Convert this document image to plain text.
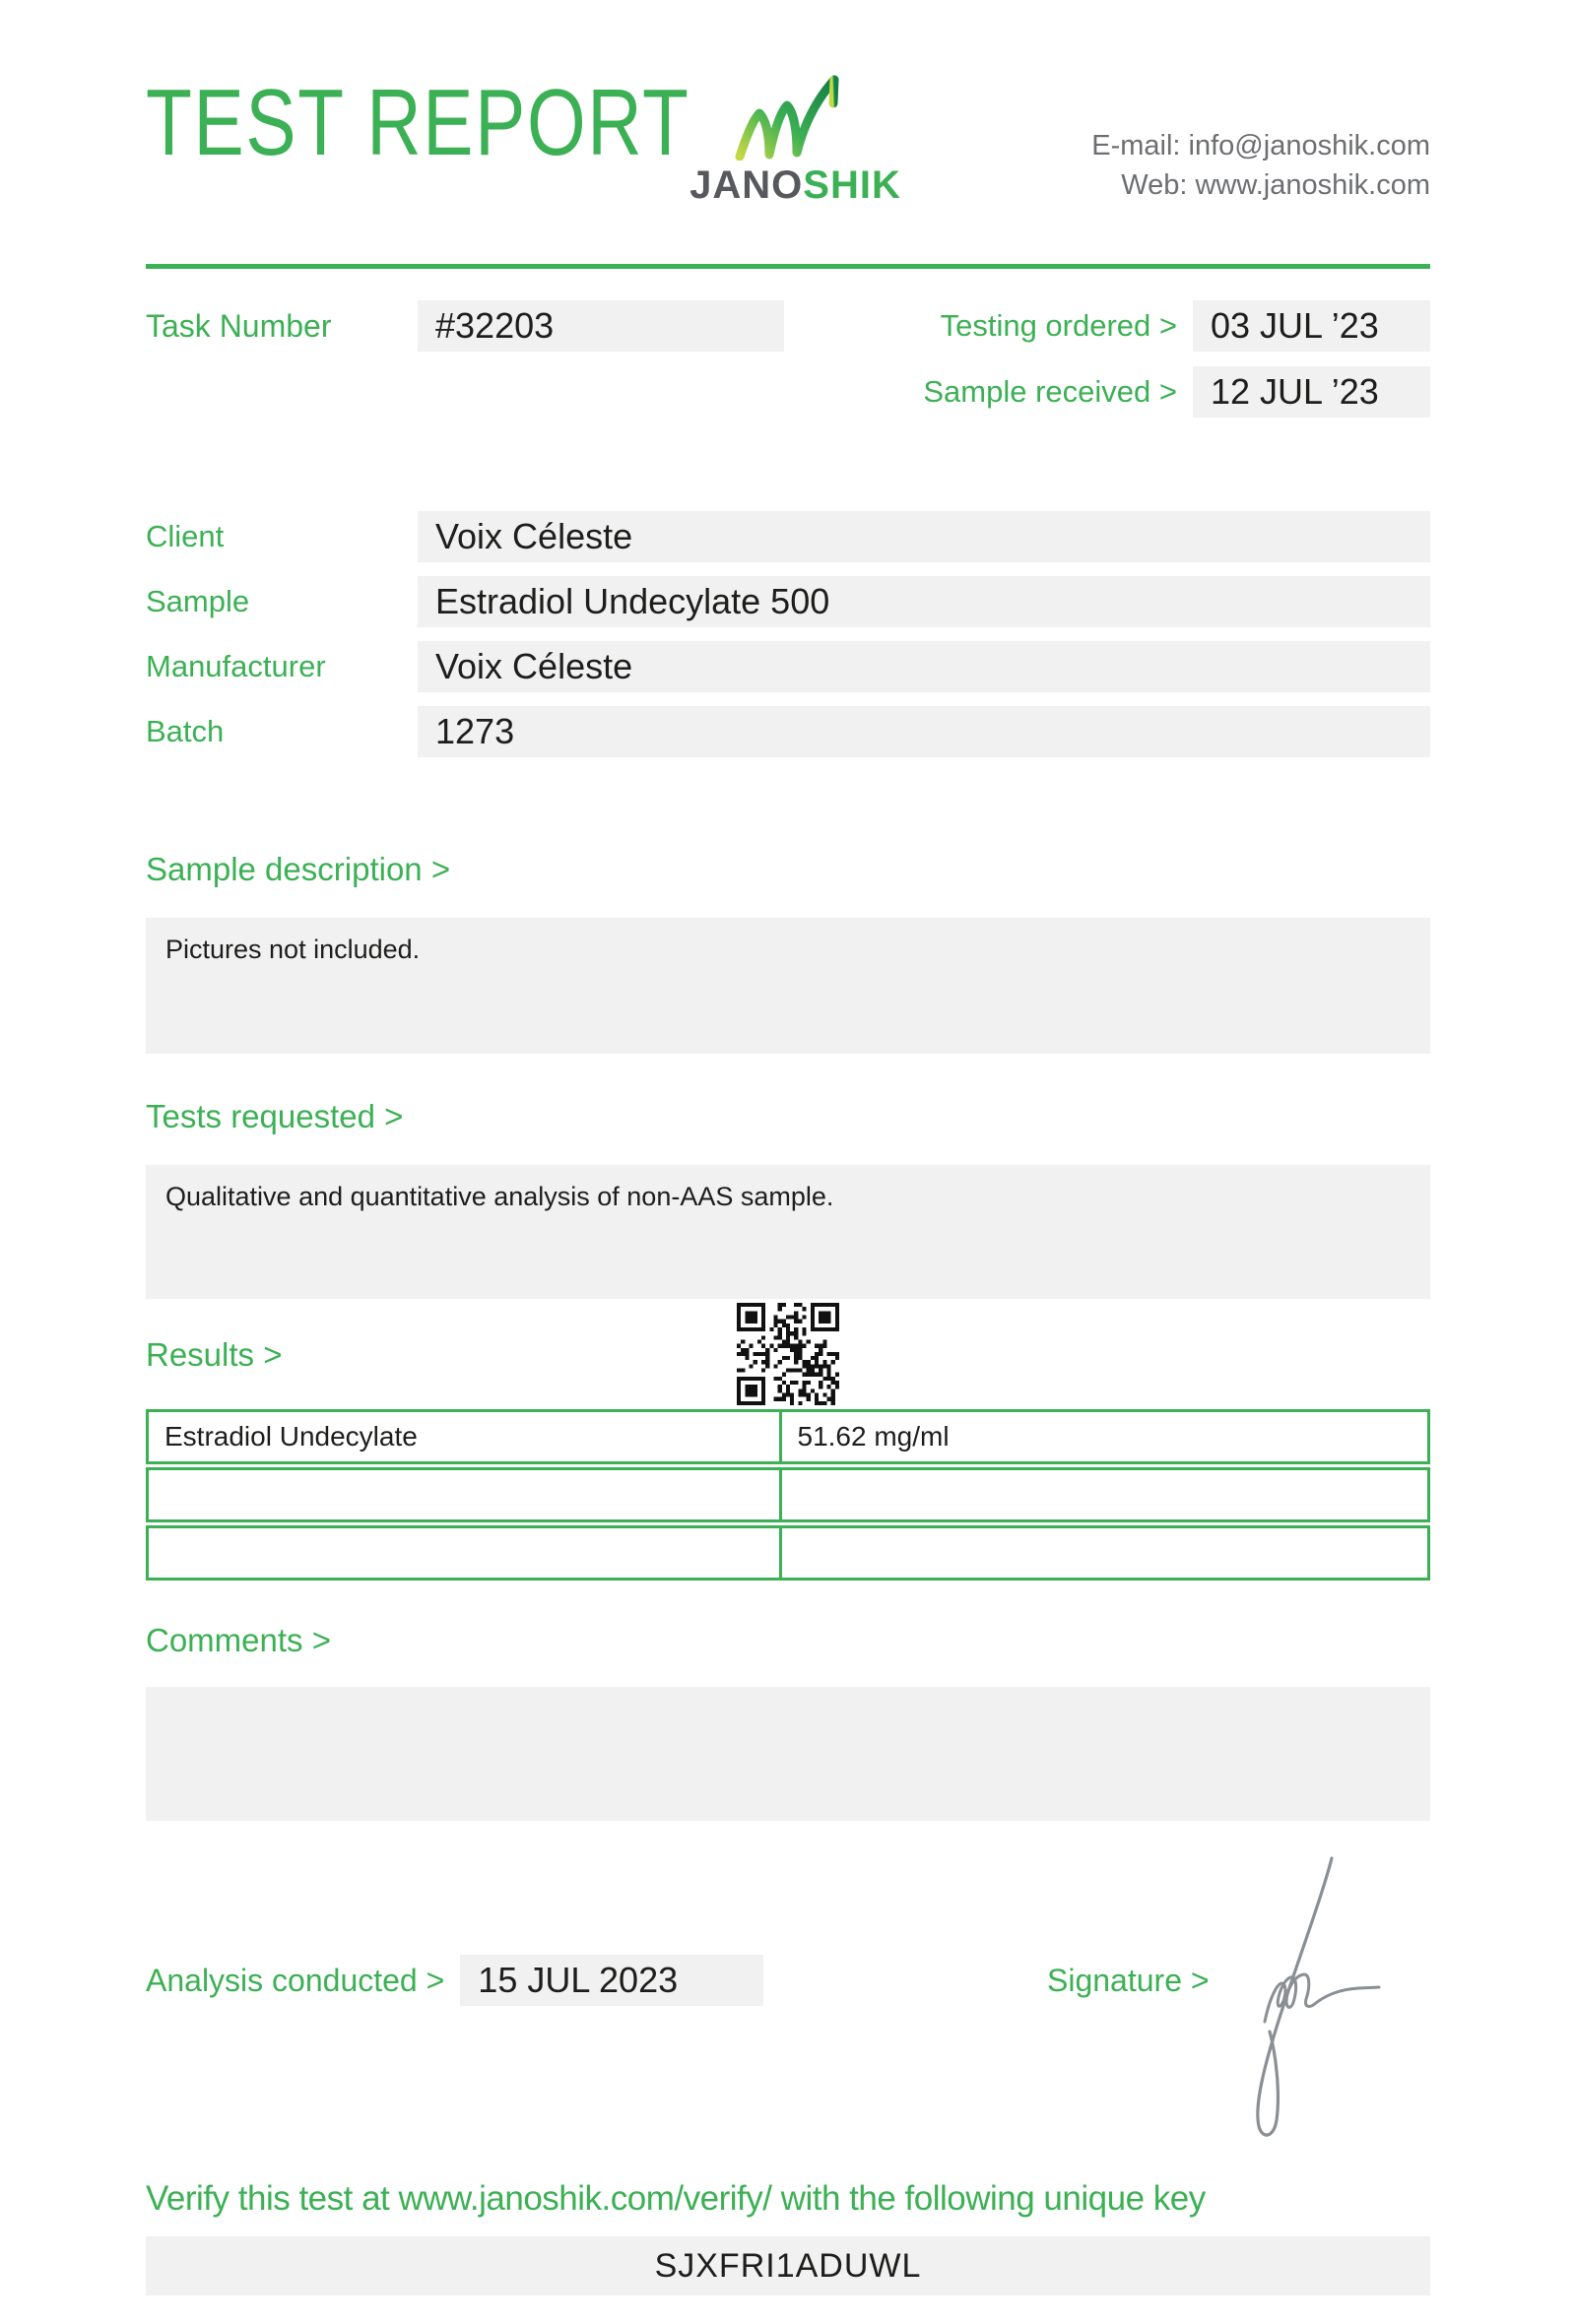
TEST REPORT
JANOSHIK
E-mail: info@janoshik.com
Web: www.janoshik.com
Task Number	#32203	Testing ordered > 03 JUL ’23
Sample received > 12 JUL ’23
Client	Voix Céleste
Sample	Estradiol Undecylate 500
Manufacturer	Voix Céleste
Batch	1273
Sample description >

Pictures not included.

Tests requested >

Qualitative and quantitative analysis of non-AAS sample.

Results >
Estradiol Undecylate	51.62 mg/ml
Comments >

Analysis conducted > 15 JUL 2023	Signature >
Verify this test at www.janoshik.com/verify/ with the following unique key
SJXFRI1ADUWL
